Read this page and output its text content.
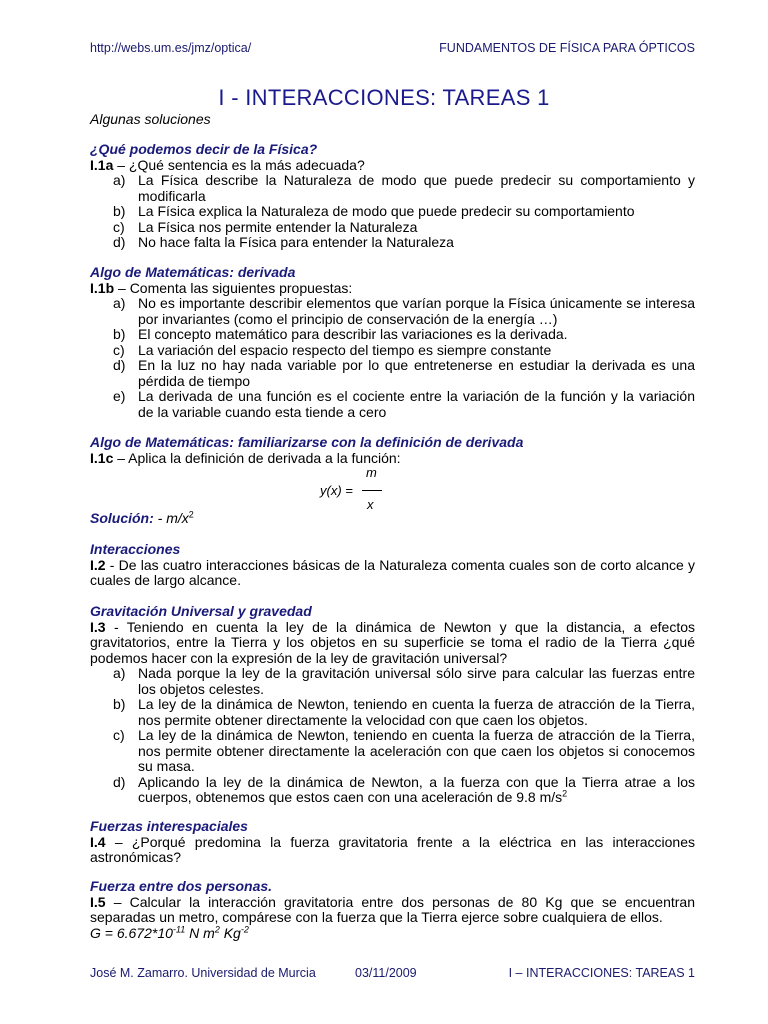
http://webs.um.es/jmz/optica/	FUNDAMENTOS DE FÍSICA PARA ÓPTICOS
I - INTERACCIONES: TAREAS 1
Algunas soluciones

¿Qué podemos decir de la Física?

I.1a – ¿Qué sentencia es la más adecuada?

a) La Física describe la Naturaleza de modo que puede predecir su comportamiento y modificarla
b) La Física explica la Naturaleza de modo que puede predecir su comportamiento
c) La Física nos permite entender la Naturaleza
d) No hace falta la Física para entender la Naturaleza

Algo de Matemáticas: derivada

I.1b – Comenta las siguientes propuestas:

a) No es importante describir elementos que varían porque la Física únicamente se interesa por invariantes (como el principio de conservación de la energía …)
b) El concepto matemático para describir las variaciones es la derivada.
c) La variación del espacio respecto del tiempo es siempre constante
d) En la luz no hay nada variable por lo que entretenerse en estudiar la derivada es una pérdida de tiempo
e) La derivada de una función es el cociente entre la variación de la función y la variación de la variable cuando esta tiende a cero

Algo de Matemáticas: familiarizarse con la definición de derivada

I.1c – Aplica la definición de derivada a la función:

y(x) =
m
x

Solución: - $m/x^2$

Interacciones

I.2 - De las cuatro interacciones básicas de la Naturaleza comenta cuales son de corto alcance y cuales de largo alcance.

Gravitación Universal y gravedad

I.3 - Teniendo en cuenta la ley de la dinámica de Newton y que la distancia, a efectos gravitatorios, entre la Tierra y los objetos en su superficie se toma el radio de la Tierra ¿qué podemos hacer con la expresión de la ley de gravitación universal?

a) Nada porque la ley de la gravitación universal sólo sirve para calcular las fuerzas entre los objetos celestes.
b) La ley de la dinámica de Newton, teniendo en cuenta la fuerza de atracción de la Tierra, nos permite obtener directamente la velocidad con que caen los objetos.
c) La ley de la dinámica de Newton, teniendo en cuenta la fuerza de atracción de la Tierra, nos permite obtener directamente la aceleración con que caen los objetos si conocemos su masa.
d) Aplicando la ley de la dinámica de Newton, a la fuerza con que la Tierra atrae a los cuerpos, obtenemos que estos caen con una aceleración de 9.8 $m/s^2$

Fuerzas interespaciales

I.4 – ¿Porqué predomina la fuerza gravitatoria frente a la eléctrica en las interacciones astronómicas?

Fuerza entre dos personas.

I.5 – Calcular la interacción gravitatoria entre dos personas de 80 Kg que se encuentran separadas un metro, compárese con la fuerza que la Tierra ejerce sobre cualquiera de ellos.

$G = 6.672*10^{-11}$ N $m^2$ $Kg^{-2}$

José M. Zamarro. Universidad de Murcia	03/11/2009	I – INTERACCIONES: TAREAS 1
